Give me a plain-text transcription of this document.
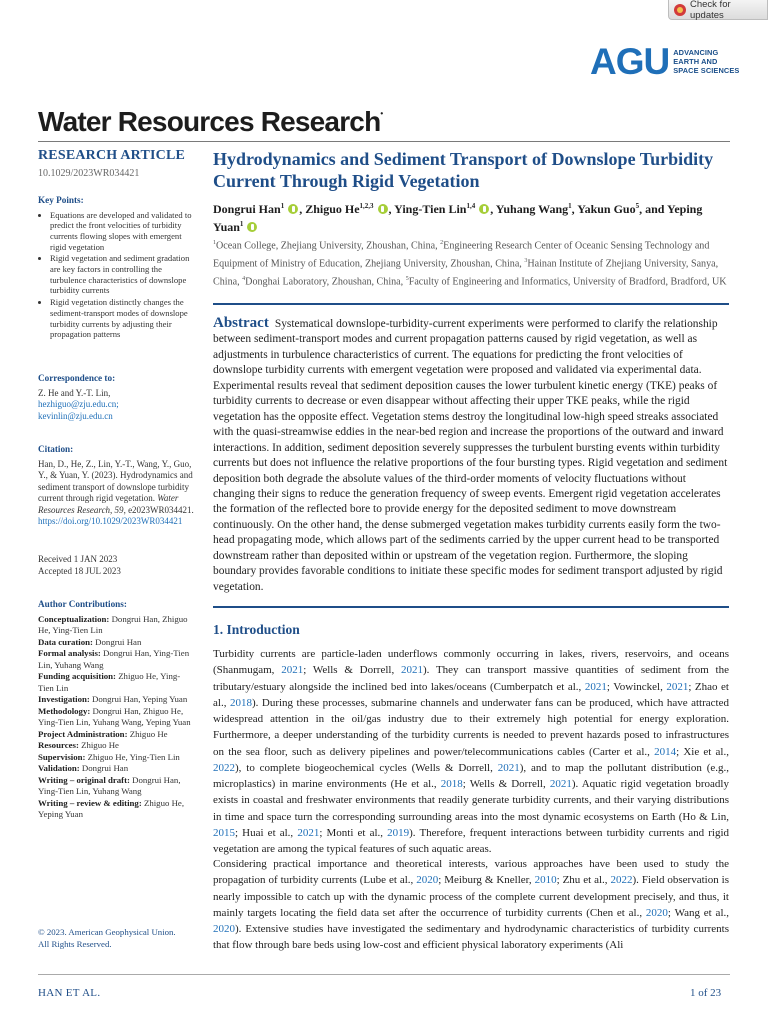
Check for updates
AGU ADVANCING
EARTH AND
SPACE SCIENCES
Water Resources Research•
RESEARCH ARTICLE
10.1029/2023WR034421
Key Points:
• Equations are developed and validated to predict the front velocities of turbidity currents flowing slopes with emergent rigid vegetation
• Rigid vegetation and sediment gradation are key factors in controlling the turbulence characteristics of downslope turbidity currents
• Rigid vegetation distinctly changes the sediment-transport modes of downslope turbidity currents by adjusting their propagation patterns
Correspondence to:
Z. He and Y.-T. Lin,
hezhiguo@zju.edu.cn;
kevinlin@zju.edu.cn
Citation:
Han, D., He, Z., Lin, Y.-T., Wang, Y., Guo, Y., & Yuan, Y. (2023). Hydrodynamics and sediment transport of downslope turbidity current through rigid vegetation. Water Resources Research, 59, e2023WR034421. https://doi.org/10.1029/2023WR034421
Received 1 JAN 2023
Accepted 18 JUL 2023
Author Contributions:
Conceptualization: Dongrui Han, Zhiguo He, Ying-Tien Lin
Data curation: Dongrui Han
Formal analysis: Dongrui Han, Ying-Tien Lin, Yuhang Wang
Funding acquisition: Zhiguo He, Ying-Tien Lin
Investigation: Dongrui Han, Yeping Yuan
Methodology: Dongrui Han, Zhiguo He, Ying-Tien Lin, Yuhang Wang, Yeping Yuan
Project Administration: Zhiguo He
Resources: Zhiguo He
Supervision: Zhiguo He, Ying-Tien Lin
Validation: Dongrui Han
Writing – original draft: Dongrui Han, Ying-Tien Lin, Yuhang Wang
Writing – review & editing: Zhiguo He, Yeping Yuan
© 2023. American Geophysical Union.
All Rights Reserved.
Hydrodynamics and Sediment Transport of Downslope Turbidity Current Through Rigid Vegetation
Dongrui Han$^1$ , Zhiguo He$^{1,2,3}$ , Ying-Tien Lin$^{1,4}$ , Yuhang Wang$^1$, Yakun Guo$^5$, and Yeping Yuan$^1$
$^1$Ocean College, Zhejiang University, Zhoushan, China, $^2$Engineering Research Center of Oceanic Sensing Technology and Equipment of Ministry of Education, Zhejiang University, Zhoushan, China, $^3$Hainan Institute of Zhejiang University, Sanya, China, $^4$Donghai Laboratory, Zhoushan, China, $^5$Faculty of Engineering and Informatics, University of Bradford, Bradford, UK
Abstract Systematical downslope-turbidity-current experiments were performed to clarify the relationship between sediment-transport modes and current propagation patterns caused by rigid vegetation, as well as adjustments in turbulence characteristics of current. The equations for predicting the front velocities of downslope turbidity currents with emergent vegetation were proposed and validated via experimental data. Experimental results reveal that sediment deposition causes the lower turbulent kinetic energy (TKE) peaks of turbidity currents to decrease or even disappear without affecting their upper TKE peaks, while the rigid vegetation has the opposite effect. Vegetation stems destroy the longitudinal low-high speed streaks associated with the quasi-streamwise eddies in the near-bed region and increase the proportions of the outward and inward interactions. In addition, sediment deposition severely suppresses the turbulent bursting events within turbidity currents but does not influence the relative proportions of the four bursting types. Rigid vegetation and sediment deposition both degrade the absolute values of the third-order moments of velocity fluctuations without changing their signs to reduce the generation frequency of sweep events. Emergent rigid vegetation accelerates the formation of the reflected bore to provide energy for the deposited sediment to move downstream continuously. On the other hand, the dense submerged vegetation makes turbidity currents easily form the two-head propagating mode, which allows part of the sediments carried by the upper current head to be transported downstream rather than deposited within or upstream of the vegetation region. Furthermore, the sloping boundary provides favorable conditions to initiate these specific modes for sediment transport adjusted by rigid vegetation.
1. Introduction
Turbidity currents are particle-laden underflows commonly occurring in lakes, rivers, reservoirs, and oceans (Shanmugam, 2021; Wells & Dorrell, 2021). They can transport massive quantities of sediment from the tributary/estuary alongside the inclined bed into lakes/oceans (Cumberpatch et al., 2021; Vowinckel, 2021; Zhao et al., 2018). During these processes, submarine channels and underwater fans can be produced, which have attracted widespread attention in the oil/gas industry due to their extremely high potential for energy exploration. Furthermore, a deeper understanding of the turbidity currents is needed to prevent hazards posed to infrastructures on the sea floor, such as delivery pipelines and power/telecommunications cables (Carter et al., 2014; Xie et al., 2022), to complete biogeochemical cycles (Wells & Dorrell, 2021), and to map the pollutant distribution (e.g., microplastics) in marine environments (He et al., 2018; Wells & Dorrell, 2021). Aquatic rigid vegetation broadly exists in coastal and freshwater environments that readily generate turbidity currents, and their varying distributions in time and space turn the corresponding surrounding areas into the most dynamic ecosystems on Earth (Ho & Lin, 2015; Huai et al., 2021; Monti et al., 2019). Therefore, frequent interactions between turbidity currents and rigid vegetation are among the typical features of such aquatic areas.
Considering practical importance and theoretical interests, various approaches have been used to study the propagation of turbidity currents (Lube et al., 2020; Meiburg & Kneller, 2010; Zhu et al., 2022). Field observation is nearly impossible to catch up with the dynamic process of the complete current development precisely, and thus, it mainly targets locating the field data set after the occurrence of turbidity currents (Chen et al., 2020; Wang et al., 2020). Extensive studies have investigated the sedimentary and hydrodynamic characteristics of turbidity currents that flow through bare beds using low-cost and efficient physical laboratory experiments (Ali
HAN ET AL.	1 of 23
